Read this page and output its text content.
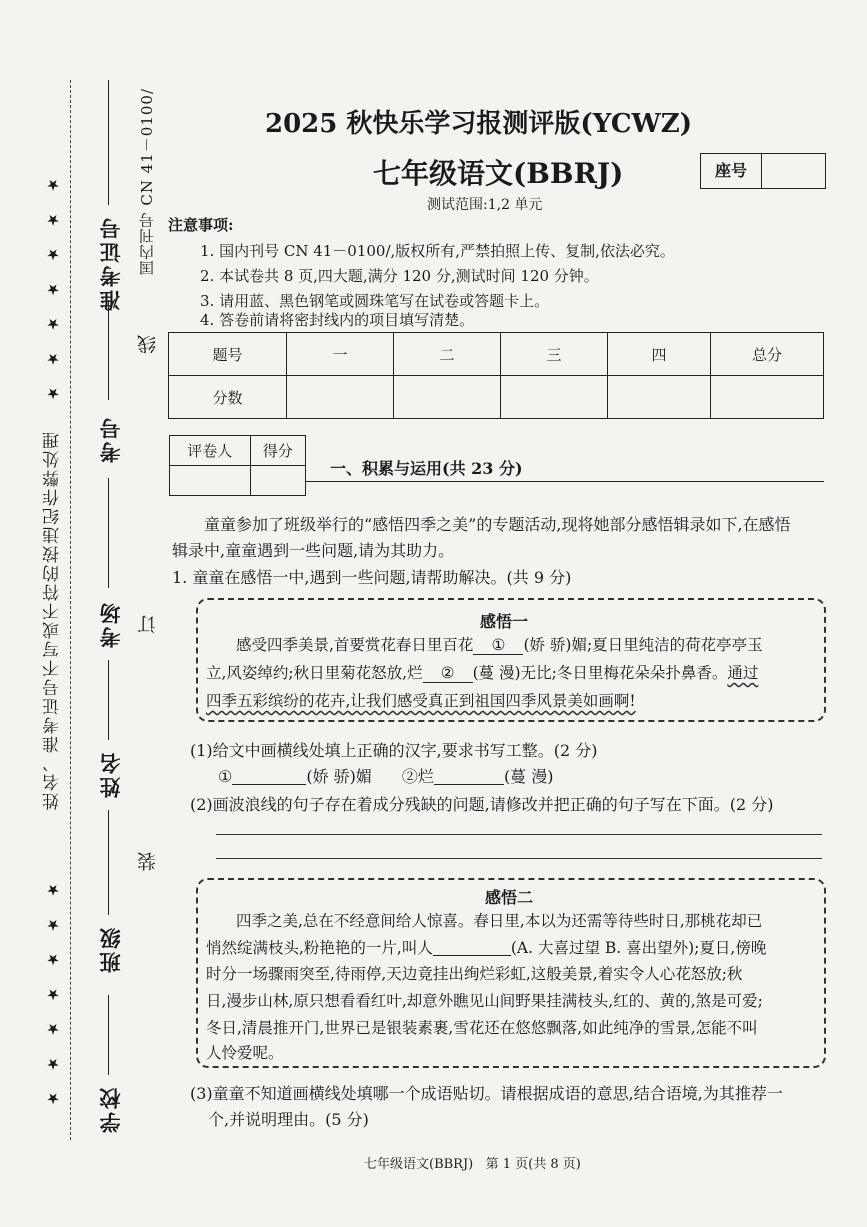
姓名、准考证号不写或不符的按违纪作弊处理
★ ★ ★ ★ ★ ★ ★
★ ★ ★ ★ ★ ★ ★
准考证号
考号
考场
姓名
班级
学校
线
订
装
国内刊号 CN 41－0100/	2025 秋快乐学习报测评版(YCWZ)
七年级语文(BBRJ)	座号
测试范围:1,2 单元
注意事项:
1. 国内刊号 CN 41－0100/,版权所有,严禁拍照上传、复制,依法必究。
2. 本试卷共 8 页,四大题,满分 120 分,测试时间 120 分钟。
3. 请用蓝、黑色钢笔或圆珠笔写在试卷或答题卡上。
4. 答卷前请将密封线内的项目填写清楚。
题号	一	二	三	四	总分
分数					
评卷人	得分

一、积累与运用(共 23 分)
童童参加了班级举行的“感悟四季之美”的专题活动,现将她部分感悟辑录如下,在感悟
辑录中,童童遇到一些问题,请为其助力。
1. 童童在感悟一中,遇到一些问题,请帮助解决。(共 9 分)
感悟一
感受四季美景,首要赏花春日里百花 ① (娇 骄)媚;夏日里纯洁的荷花亭亭玉
立,风姿绰约;秋日里菊花怒放,烂 ② (蔓 漫)无比;冬日里梅花朵朵扑鼻香。通过
四季五彩缤纷的花卉,让我们感受真正到祖国四季风景美如画啊!
(1)给文中画横线处填上正确的汉字,要求书写工整。(2 分)
①	(娇 骄)媚 ②烂	(蔓 漫)
(2)画波浪线的句子存在着成分残缺的问题,请修改并把正确的句子写在下面。(2 分)
感悟二
四季之美,总在不经意间给人惊喜。春日里,本以为还需等待些时日,那桃花却已
悄然绽满枝头,粉艳艳的一片,叫人	(A. 大喜过望 B. 喜出望外);夏日,傍晚
时分一场骤雨突至,待雨停,天边竟挂出绚烂彩虹,这般美景,着实令人心花怒放;秋
日,漫步山林,原只想看看红叶,却意外瞧见山间野果挂满枝头,红的、黄的,煞是可爱;
冬日,清晨推开门,世界已是银装素裹,雪花还在悠悠飘落,如此纯净的雪景,怎能不叫
人怜爱呢。
(3)童童不知道画横线处填哪一个成语贴切。请根据成语的意思,结合语境,为其推荐一
个,并说明理由。(5 分)
七年级语文(BBRJ)   第 1 页(共 8 页)
